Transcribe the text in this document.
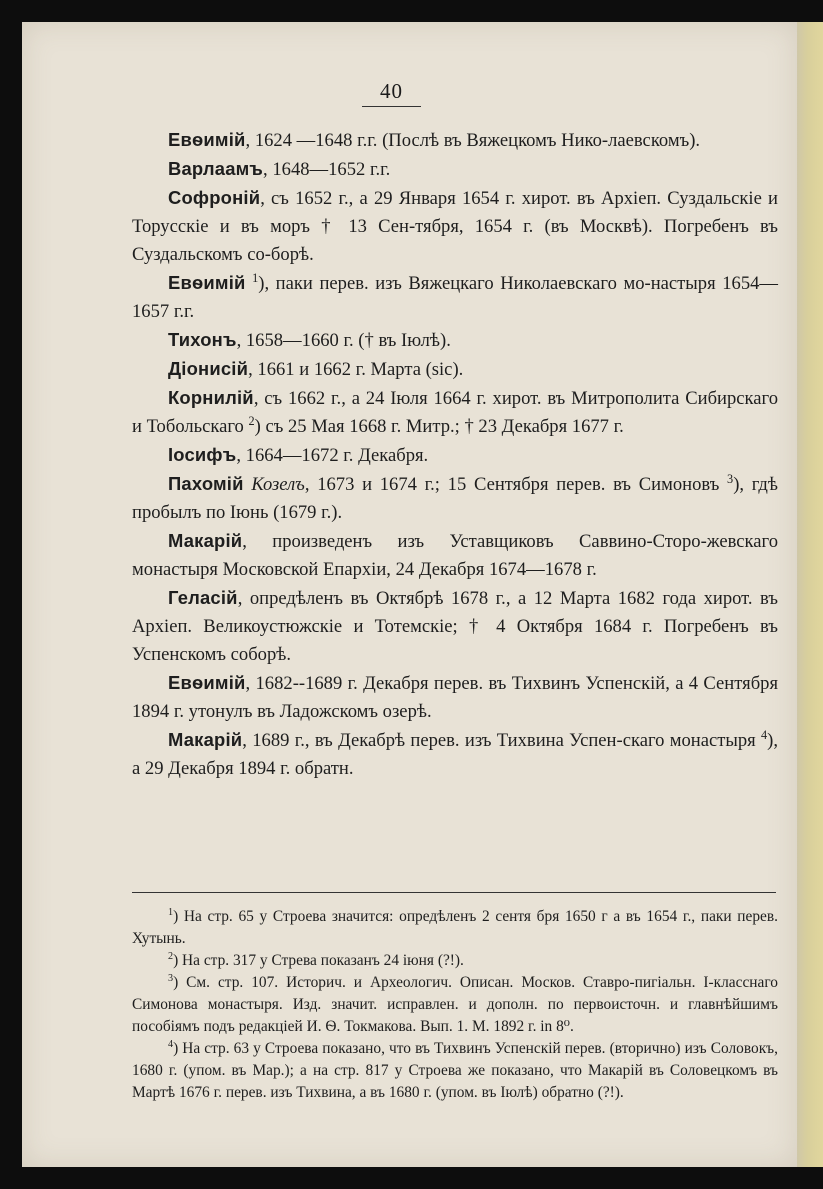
40

Евѳимій, 1624 —1648 г.г. (Послѣ въ Вяжецкомъ Нико-лаевскомъ).

Варлаамъ, 1648—1652 г.г.

Софроній, съ 1652 г., а 29 Января 1654 г. хирот. въ Архіеп. Суздальскіе и Торусскіе и въ моръ † 13 Сен-тября, 1654 г. (въ Москвѣ). Погребенъ въ Суздальскомъ со-борѣ.

Евѳимій $^1$), паки перев. изъ Вяжецкаго Николаевскаго мо-настыря 1654—1657 г.г.

Тихонъ, 1658—1660 г. († въ Іюлѣ).

Діонисій, 1661 и 1662 г. Марта (sic).

Корнилій, съ 1662 г., а 24 Іюля 1664 г. хирот. въ Митрополита Сибирскаго и Тобольскаго $^2$) съ 25 Мая 1668 г. Митр.; † 23 Декабря 1677 г.

Іосифъ, 1664—1672 г. Декабря.

Пахомій Козелъ, 1673 и 1674 г.; 15 Сентября перев. въ Симоновъ $^3$), гдѣ пробылъ по Іюнь (1679 г.).

Макарій, произведенъ изъ Уставщиковъ Саввино-Сторо-жевскаго монастыря Московской Епархіи, 24 Декабря 1674—1678 г.

Геласій, опредѣленъ въ Октябрѣ 1678 г., а 12 Марта 1682 года хирот. въ Архіеп. Великоустюжскіе и Тотемскіе; † 4 Октября 1684 г. Погребенъ въ Успенскомъ соборѣ.

Евѳимій, 1682--1689 г. Декабря перев. въ Тихвинъ Успенскій, а 4 Сентября 1894 г. утонулъ въ Ладожскомъ озерѣ.

Макарій, 1689 г., въ Декабрѣ перев. изъ Тихвина Успен-скаго монастыря $^4$), а 29 Декабря 1894 г. обратн.

$^1$) На стр. 65 у Строева значится: опредѣленъ 2 сентя бря 1650 г а въ 1654 г., паки перев. Хутынь.

$^2$) На стр. 317 у Стрева показанъ 24 іюня (?!).

$^3$) См. стр. 107. Историч. и Археологич. Описан. Москов. Ставро-пигіальн. I-класснаго Симонова монастыря. Изд. значит. исправлен. и дополн. по первоисточн. и главнѣйшимъ пособіямъ подъ редакціей И. Ѳ. Токмакова. Вып. 1. М. 1892 г. in 8⁰.

$^4$) На стр. 63 у Строева показано, что въ Тихвинъ Успенскій перев. (вторично) изъ Соловокъ, 1680 г. (упом. въ Мар.); а на стр. 817 у Строева же показано, что Макарій въ Соловецкомъ въ Мартѣ 1676 г. перев. изъ Тихвина, а въ 1680 г. (упом. въ Іюлѣ) обратно (?!).
